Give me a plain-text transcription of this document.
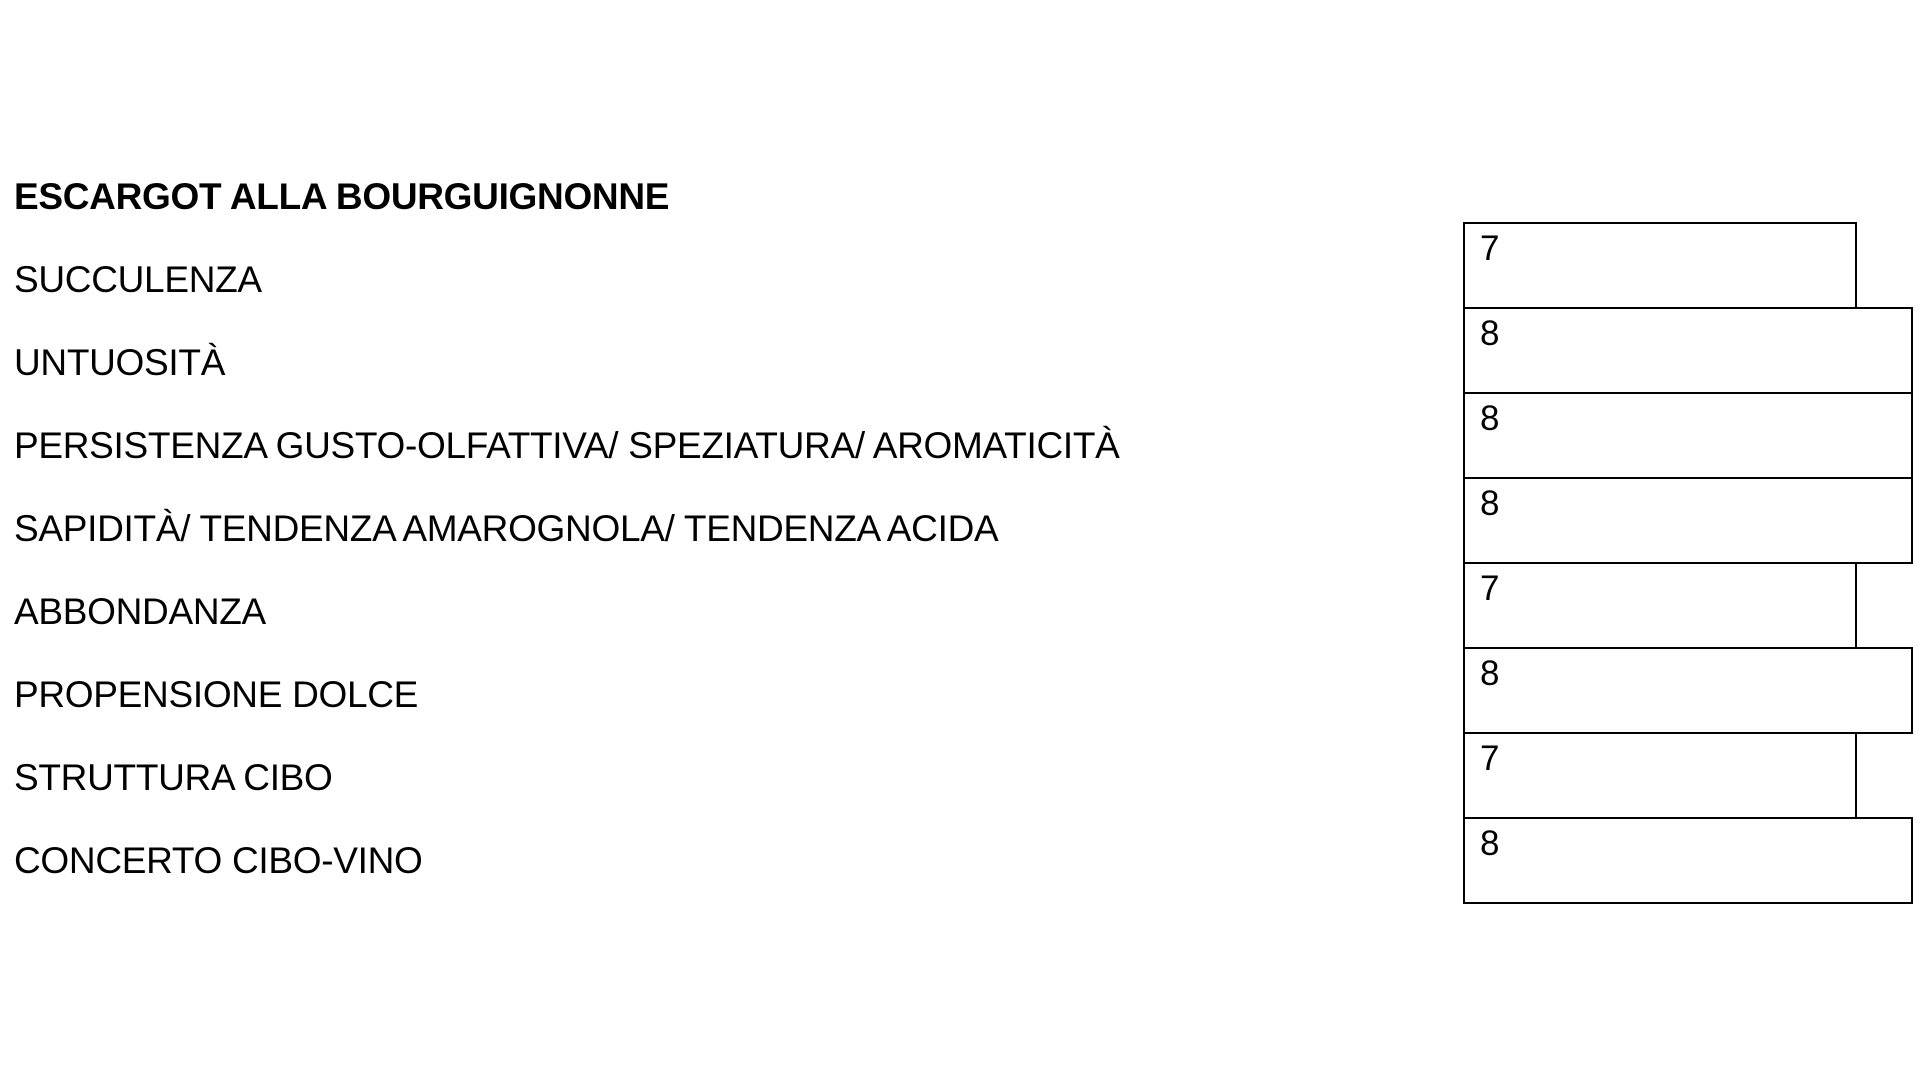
ESCARGOT ALLA BOURGUIGNONNE
SUCCULENZA
UNTUOSITÀ
PERSISTENZA GUSTO-OLFATTIVA/ SPEZIATURA/ AROMATICITÀ
SAPIDITÀ/ TENDENZA AMAROGNOLA/ TENDENZA ACIDA
ABBONDANZA
PROPENSIONE DOLCE
STRUTTURA CIBO
CONCERTO CIBO-VINO
7
8
8
8
7
8
7
8
